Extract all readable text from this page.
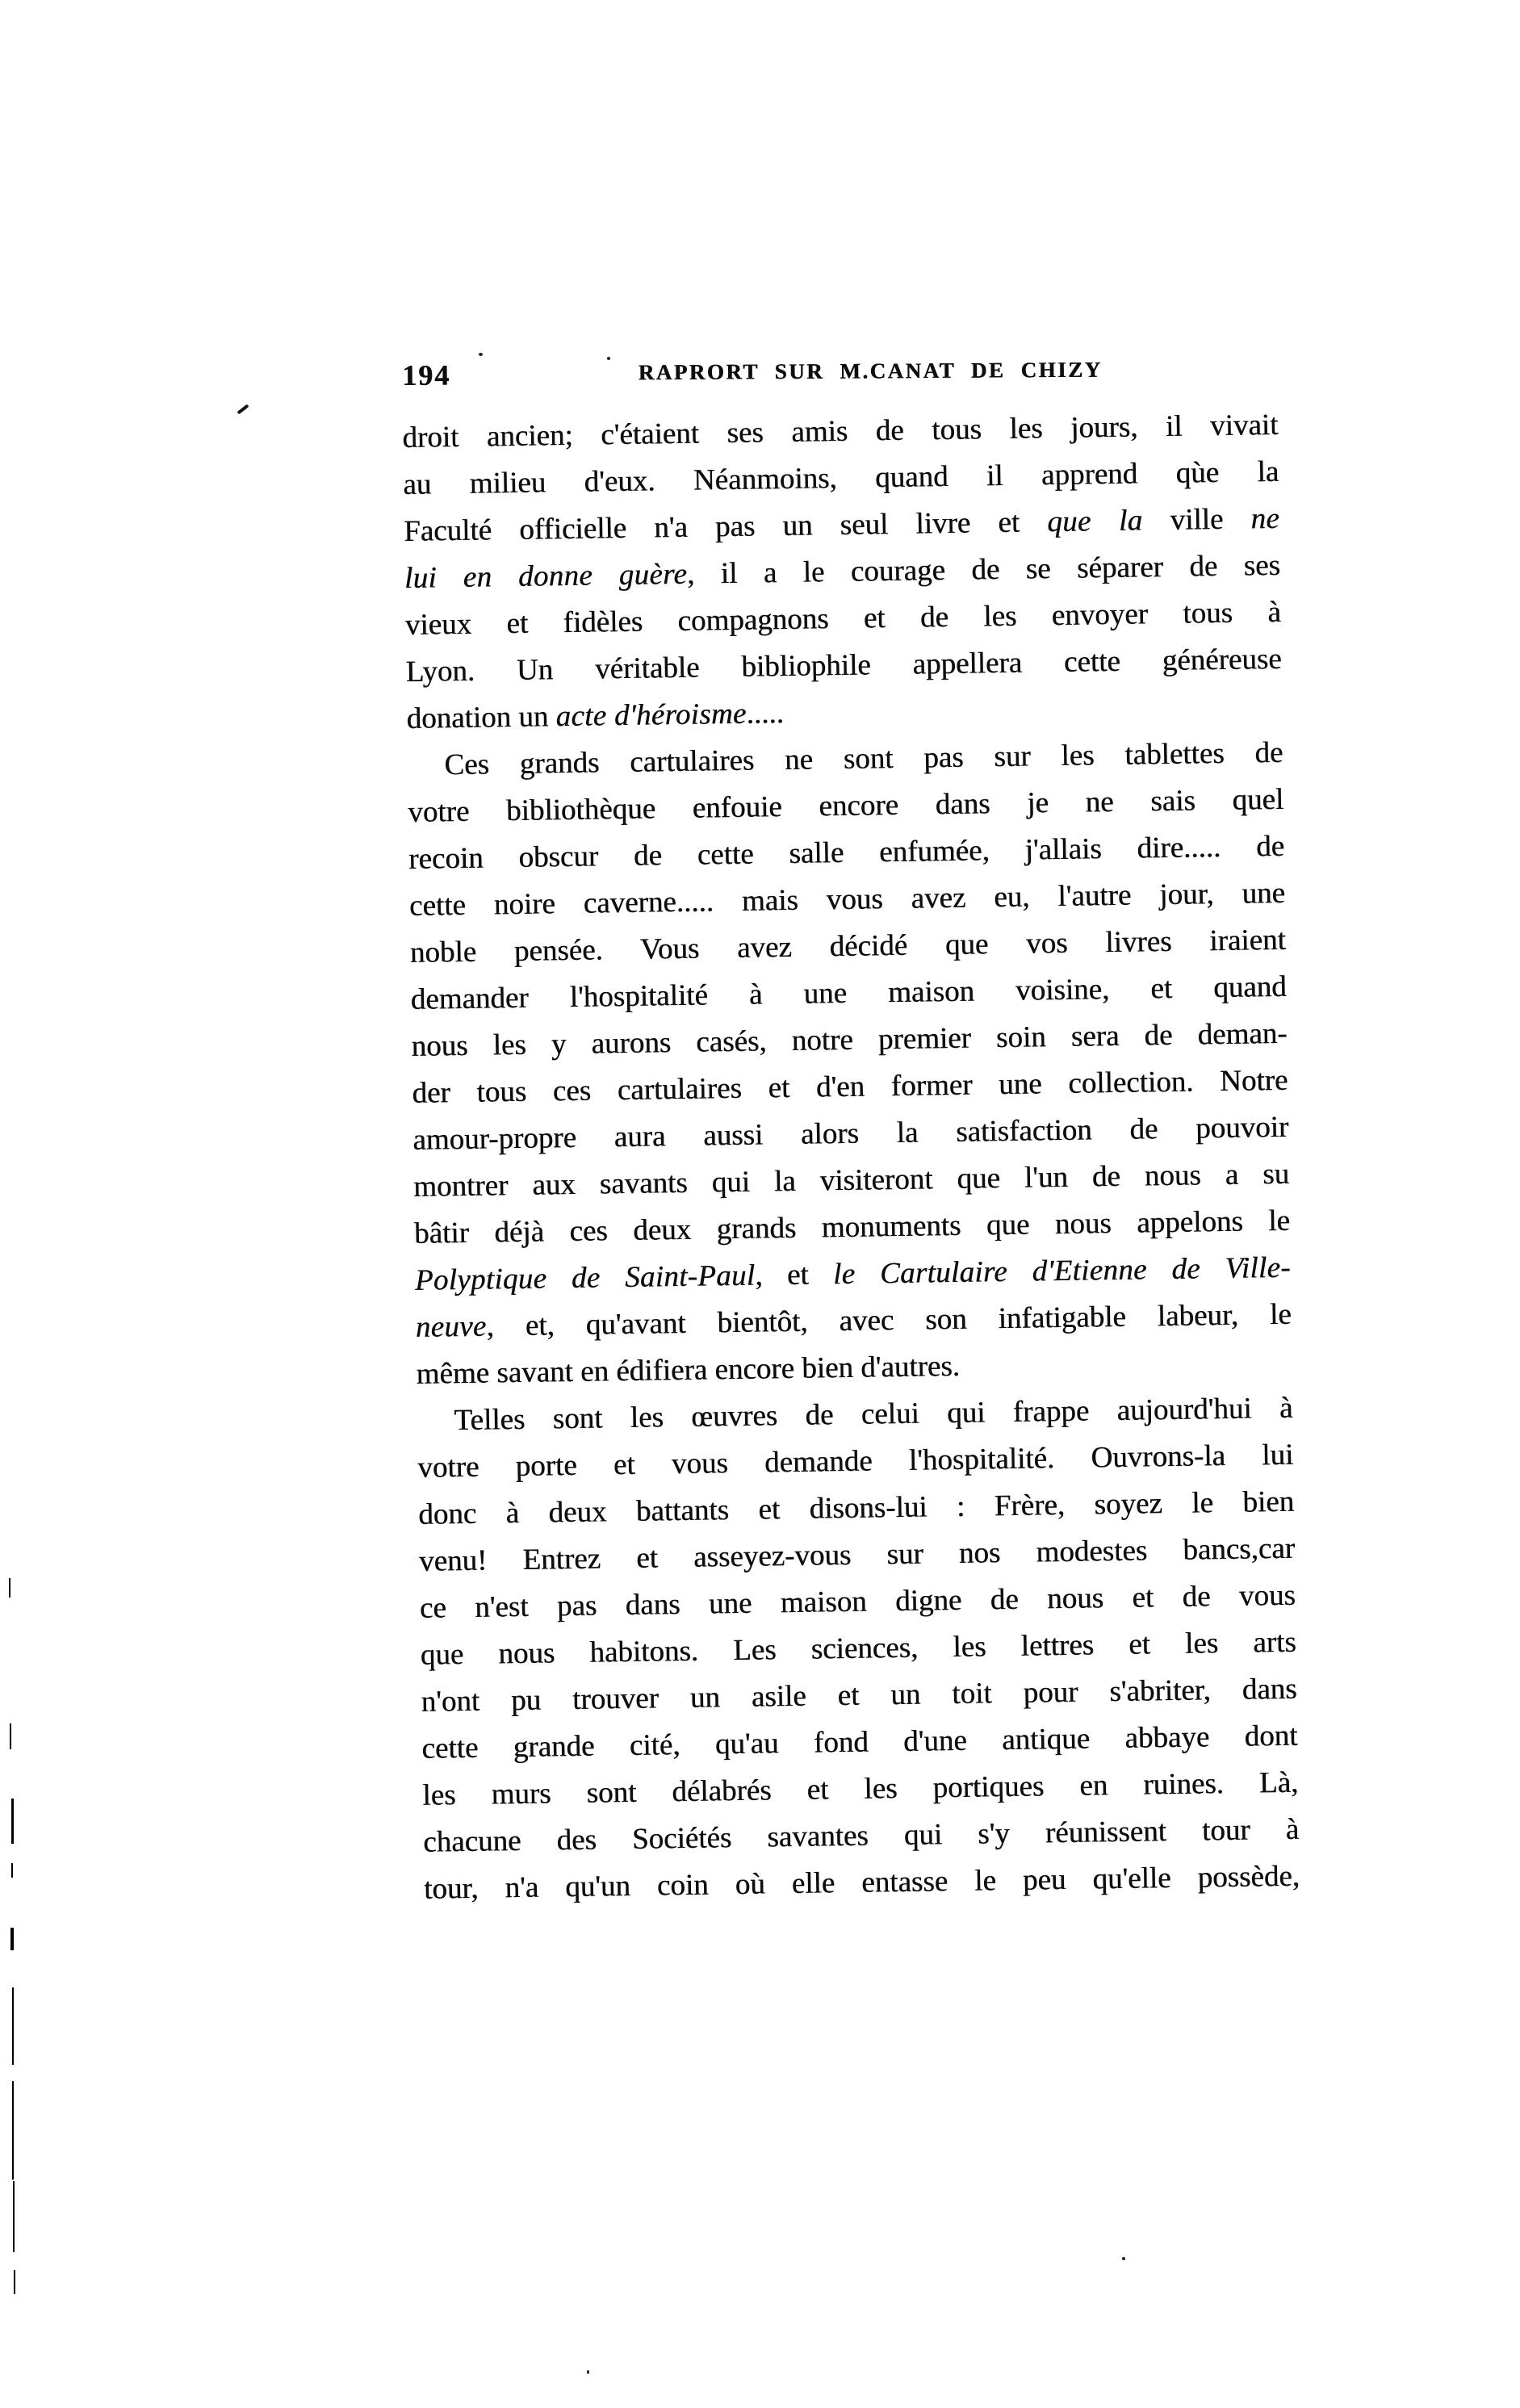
194	RAPRORT SUR M.CANAT DE CHIZY
droit ancien; c'étaient ses amis de tous les jours, il vivait
au milieu d'eux. Néanmoins, quand il apprend qùe la
Faculté officielle n'a pas un seul livre et que la ville ne
lui en donne guère, il a le courage de se séparer de ses
vieux et fidèles compagnons et de les envoyer tous à
Lyon. Un véritable bibliophile appellera cette généreuse
donation un acte d'héroisme.....
Ces grands cartulaires ne sont pas sur les tablettes de
votre bibliothèque enfouie encore dans je ne sais quel
recoin obscur de cette salle enfumée, j'allais dire..... de
cette noire caverne..... mais vous avez eu, l'autre jour, une
noble pensée. Vous avez décidé que vos livres iraient
demander l'hospitalité à une maison voisine, et quand
nous les y aurons casés, notre premier soin sera de deman-
der tous ces cartulaires et d'en former une collection. Notre
amour-propre aura aussi alors la satisfaction de pouvoir
montrer aux savants qui la visiteront que l'un de nous a su
bâtir déjà ces deux grands monuments que nous appelons le
Polyptique de Saint-Paul, et le Cartulaire d'Etienne de Ville-
neuve, et, qu'avant bientôt, avec son infatigable labeur, le
même savant en édifiera encore bien d'autres.
Telles sont les œuvres de celui qui frappe aujourd'hui à
votre porte et vous demande l'hospitalité. Ouvrons-la lui
donc à deux battants et disons-lui : Frère, soyez le bien
venu! Entrez et asseyez-vous sur nos modestes bancs,car
ce n'est pas dans une maison digne de nous et de vous
que nous habitons. Les sciences, les lettres et les arts
n'ont pu trouver un asile et un toit pour s'abriter, dans
cette grande cité, qu'au fond d'une antique abbaye dont
les murs sont délabrés et les portiques en ruines. Là,
chacune des Sociétés savantes qui s'y réunissent tour à
tour, n'a qu'un coin où elle entasse le peu qu'elle possède,
